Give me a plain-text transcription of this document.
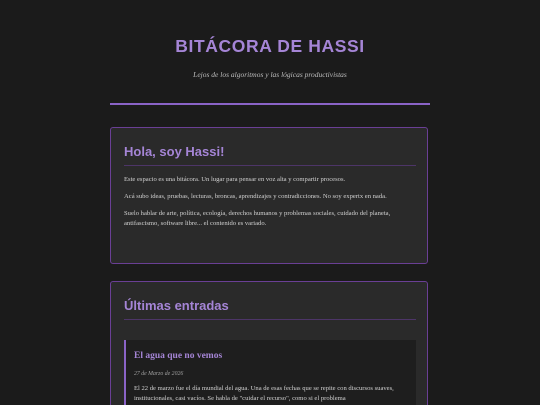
BITÁCORA DE HASSI

Lejos de los algoritmos y las lógicas productivistas

Hola, soy Hassi!

Este espacio es una bitácora. Un lugar para pensar en voz alta y compartir procesos.

Acá subo ideas, pruebas, lecturas, broncas, aprendizajes y contradicciones. No soy expertx en nada.

Suelo hablar de arte, política, ecología, derechos humanos y problemas sociales, cuidado del planeta, antifascismo, software libre... el contenido es variado.

Últimas entradas
El agua que no vemos
27 de Marzo de 2026

El 22 de marzo fue el día mundial del agua. Una de esas fechas que se repite con discursos suaves, institucionales, casi vacíos. Se habla de "cuidar el recurso", como si el problema
